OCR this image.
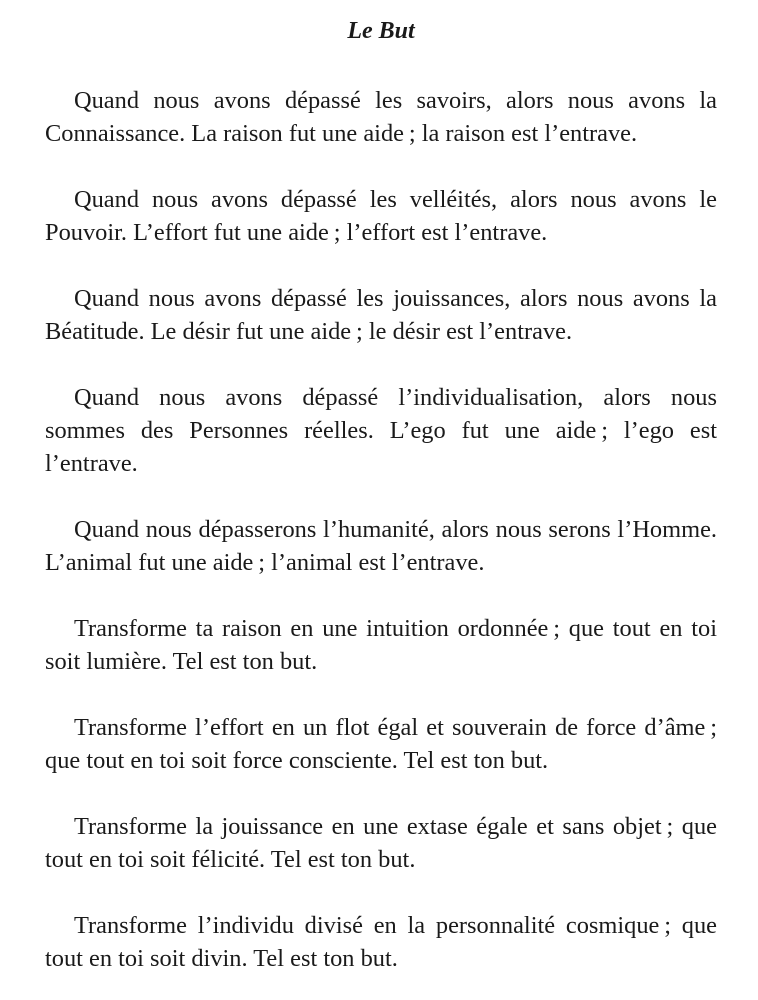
Le But

Quand nous avons dépassé les savoirs, alors nous avons la Connaissance. La raison fut une aide ; la raison est l’entrave.

Quand nous avons dépassé les velléités, alors nous avons le Pouvoir. L’effort fut une aide ; l’effort est l’entrave.

Quand nous avons dépassé les jouissances, alors nous avons la Béatitude. Le désir fut une aide ; le désir est l’entrave.

Quand nous avons dépassé l’individualisation, alors nous sommes des Personnes réelles. L’ego fut une aide ; l’ego est l’entrave.

Quand nous dépasserons l’humanité, alors nous serons l’Homme. L’animal fut une aide ; l’animal est l’entrave.

Transforme ta raison en une intuition ordonnée ; que tout en toi soit lumière. Tel est ton but.

Transforme l’effort en un flot égal et souverain de force d’âme ; que tout en toi soit force consciente. Tel est ton but.

Transforme la jouissance en une extase égale et sans objet ; que tout en toi soit félicité. Tel est ton but.

Transforme l’individu divisé en la personnalité cosmique ; que tout en toi soit divin. Tel est ton but.
